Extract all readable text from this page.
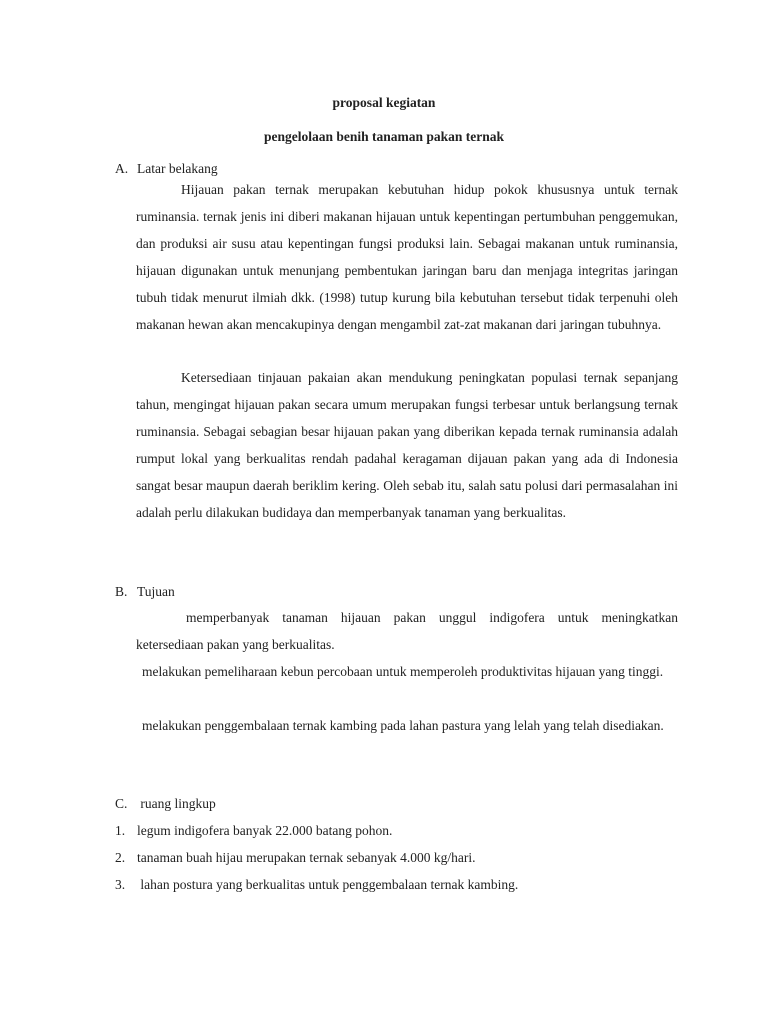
proposal kegiatan
pengelolaan benih tanaman pakan ternak
A. Latar belakang
Hijauan pakan ternak merupakan kebutuhan hidup pokok khususnya untuk ternak ruminansia. ternak jenis ini diberi makanan hijauan untuk kepentingan pertumbuhan penggemukan, dan produksi air susu atau kepentingan fungsi produksi lain. Sebagai makanan untuk ruminansia, hijauan digunakan untuk menunjang pembentukan jaringan baru dan menjaga integritas jaringan tubuh tidak menurut ilmiah dkk. (1998) tutup kurung bila kebutuhan tersebut tidak terpenuhi oleh makanan hewan akan mencakupinya dengan mengambil zat-zat makanan dari jaringan tubuhnya.
Ketersediaan tinjauan pakaian akan mendukung peningkatan populasi ternak sepanjang tahun, mengingat hijauan pakan secara umum merupakan fungsi terbesar untuk berlangsung ternak ruminansia. Sebagai sebagian besar hijauan pakan yang diberikan kepada ternak ruminansia adalah rumput lokal yang berkualitas rendah padahal keragaman dijauan pakan yang ada di Indonesia sangat besar maupun daerah beriklim kering. Oleh sebab itu, salah satu polusi dari permasalahan ini adalah perlu dilakukan budidaya dan memperbanyak tanaman yang berkualitas.
B. Tujuan
memperbanyak tanaman hijauan pakan unggul indigofera untuk meningkatkan ketersediaan pakan yang berkualitas.
melakukan pemeliharaan kebun percobaan untuk memperoleh produktivitas hijauan yang tinggi.
melakukan penggembalaan ternak kambing pada lahan pastura yang lelah yang telah disediakan.
C. ruang lingkup
1. legum indigofera banyak 22.000 batang pohon.
2. tanaman buah hijau merupakan ternak sebanyak 4.000 kg/hari.
3. lahan postura yang berkualitas untuk penggembalaan ternak kambing.
